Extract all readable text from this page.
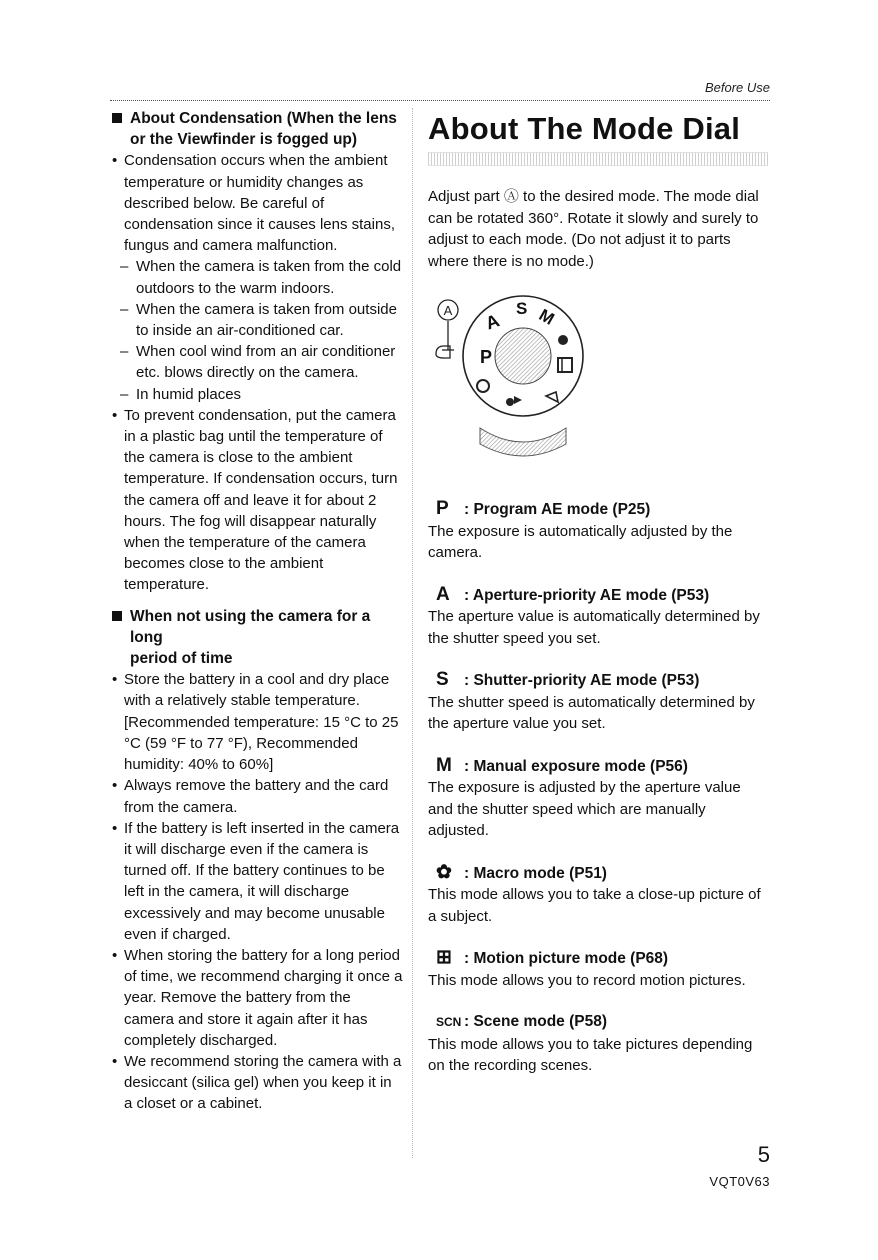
Before Use
About Condensation (When the lens
or the Viewfinder is fogged up)
• Condensation occurs when the ambient temperature or humidity changes as described below. Be careful of condensation since it causes lens stains, fungus and camera malfunction.
– When the camera is taken from the cold outdoors to the warm indoors.
– When the camera is taken from outside to inside an air-conditioned car.
– When cool wind from an air conditioner etc. blows directly on the camera.
– In humid places
• To prevent condensation, put the camera in a plastic bag until the temperature of the camera is close to the ambient temperature. If condensation occurs, turn the camera off and leave it for about 2 hours. The fog will disappear naturally when the temperature of the camera becomes close to the ambient temperature.
When not using the camera for a long
period of time
• Store the battery in a cool and dry place with a relatively stable temperature. [Recommended temperature: 15 °C to 25 °C (59 °F to 77 °F), Recommended humidity: 40% to 60%]
• Always remove the battery and the card from the camera.
• If the battery is left inserted in the camera it will discharge even if the camera is turned off. If the battery continues to be left in the camera, it will discharge excessively and may become unusable even if charged.
• When storing the battery for a long period of time, we recommend charging it once a year. Remove the battery from the camera and store it again after it has completely discharged.
• We recommend storing the camera with a desiccant (silica gel) when you keep it in a closet or a cabinet.
About The Mode Dial
Adjust part Ⓐ to the desired mode. The mode dial can be rotated 360°. Rotate it slowly and surely to adjust to each mode. (Do not adjust it to parts where there is no mode.)
A
P
A
S M
P : Program AE mode (P25)
The exposure is automatically adjusted by the camera.
A : Aperture-priority AE mode (P53)
The aperture value is automatically determined by the shutter speed you set.
S : Shutter-priority AE mode (P53)
The shutter speed is automatically determined by the aperture value you set.
M : Manual exposure mode (P56)
The exposure is adjusted by the aperture value and the shutter speed which are manually adjusted.
✿ : Macro mode (P51)
This mode allows you to take a close-up picture of a subject.
⊞ : Motion picture mode (P68)
This mode allows you to record motion pictures.
SCN : Scene mode (P58)
This mode allows you to take pictures depending on the recording scenes.
5
VQT0V63
